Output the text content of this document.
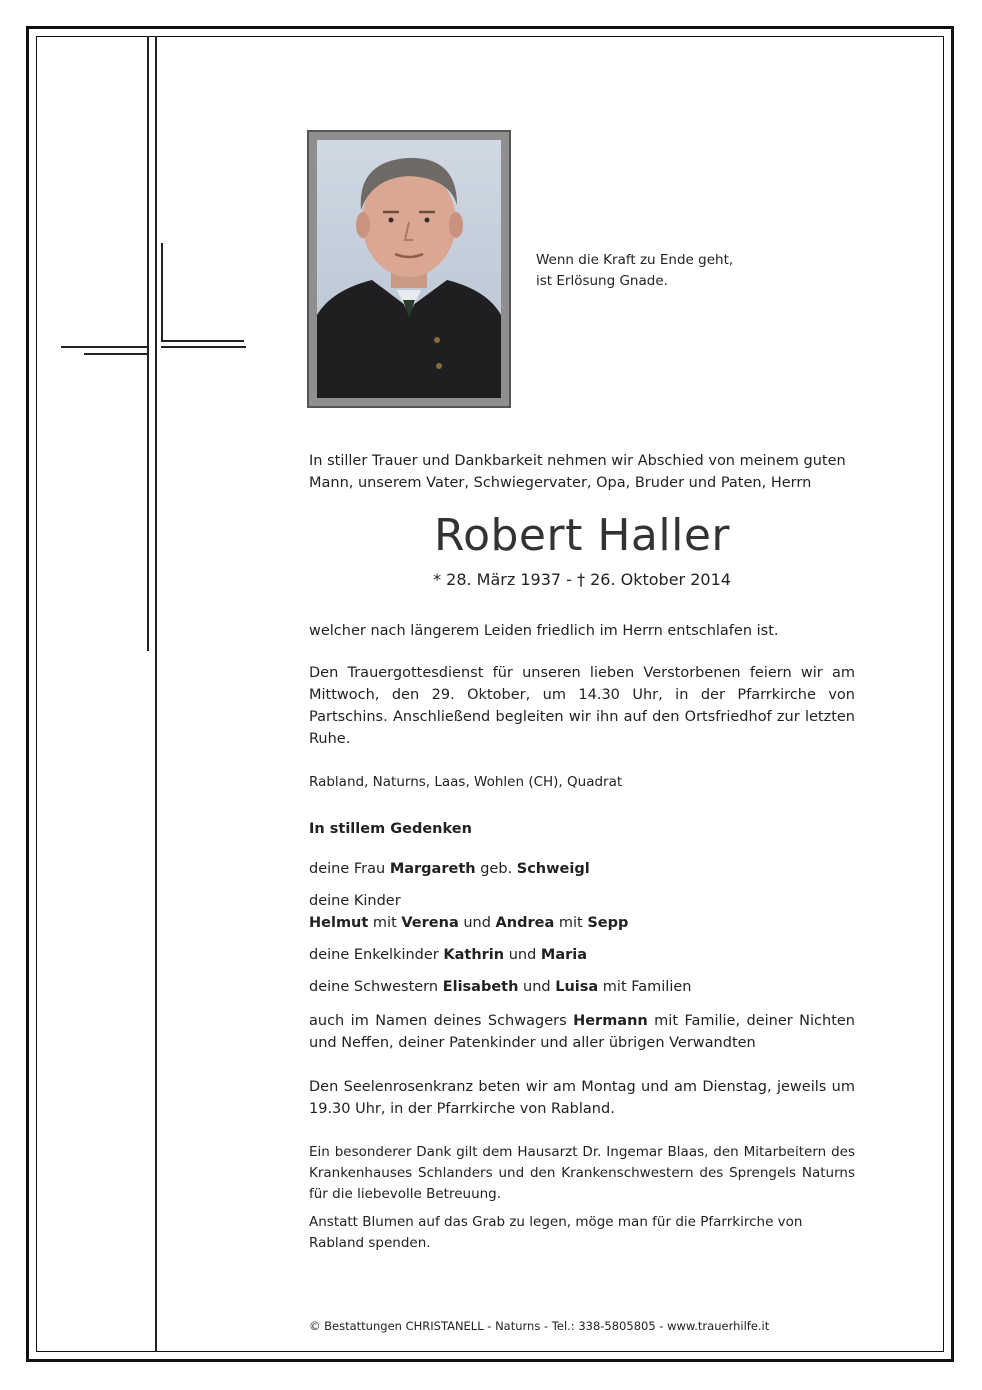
Wenn die Kraft zu Ende geht,
ist Erlösung Gnade.
In stiller Trauer und Dankbarkeit nehmen wir Abschied von meinem guten
Mann, unserem Vater, Schwiegervater, Opa, Bruder und Paten, Herrn
Robert Haller
* 28. März 1937 - † 26. Oktober 2014

welcher nach längerem Leiden friedlich im Herrn entschlafen ist.

Den Trauergottesdienst für unseren lieben Verstorbenen feiern wir am Mittwoch, den 29. Oktober, um 14.30 Uhr, in der Pfarrkirche von Partschins. Anschließend begleiten wir ihn auf den Ortsfriedhof zur letzten Ruhe.

Rabland, Naturns, Laas, Wohlen (CH), Quadrat

In stillem Gedenken

deine Frau Margareth geb. Schweigl

deine Kinder
Helmut mit Verena und Andrea mit Sepp

deine Enkelkinder Kathrin und Maria

deine Schwestern Elisabeth und Luisa mit Familien

auch im Namen deines Schwagers Hermann mit Familie, deiner Nichten und Neffen, deiner Patenkinder und aller übrigen Verwandten

Den Seelenrosenkranz beten wir am Montag und am Dienstag, jeweils um 19.30 Uhr, in der Pfarrkirche von Rabland.

Ein besonderer Dank gilt dem Hausarzt Dr. Ingemar Blaas, den Mitarbeitern des Krankenhauses Schlanders und den Krankenschwestern des Sprengels Naturns für die liebevolle Betreuung.

Anstatt Blumen auf das Grab zu legen, möge man für die Pfarrkirche von Rabland spenden.

© Bestattungen CHRISTANELL - Naturns - Tel.: 338-5805805 - www.trauerhilfe.it
